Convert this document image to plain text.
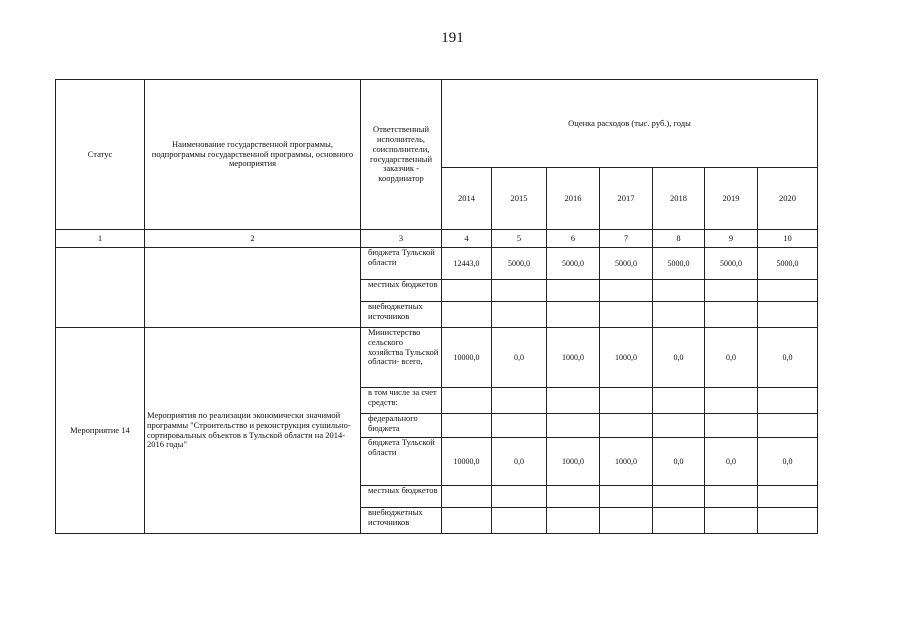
191
Статус	Наименование государственной программы, подпрограммы государственной программы, основного мероприятия	Ответственный исполнитель, соисполнители, государственный заказчик - координатор	Оценка расходов (тыс. руб.), годы						
			2014	2015	2016	2017	2018	2019	2020
1	2	3	4	5	6	7	8	9	10
		бюджета Тульской области	12443,0	5000,0	5000,0	5000,0	5000,0	5000,0	5000,0
		местных бюджетов							
		внебюджетных источников							
Мероприятие 14	Мероприятия по реализации экономически значимой программы "Строительство и реконструкция сушильно-сортировальных объектов в Тульской области на 2014-2016 годы"	Министерство сельского хозяйства Тульской области- всего,	10000,0	0,0	1000,0	1000,0	0,0	0,0	0,0
		в том числе за счет средств:							
		федерального бюджета							
		бюджета Тульской области	10000,0	0,0	1000,0	1000,0	0,0	0,0	0,0
		местных бюджетов							
		внебюджетных источников							
